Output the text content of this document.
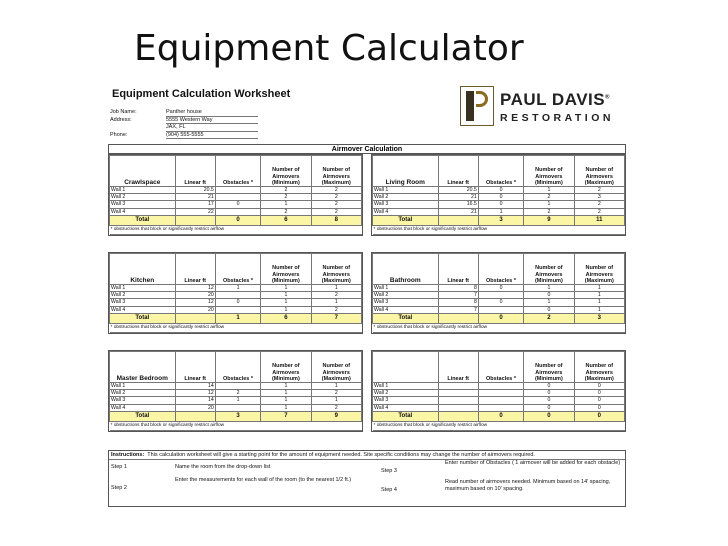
Equipment Calculator
Equipment Calculation Worksheet
Job Name:	Panther house
Address:	5555 Western Way
JAX, FL
Phone:	(904) 555-5555
PAUL DAVIS®
RESTORATION
Airmover Calculation
Crawlspace	Linear ft	Obstacles *	Number of Airmovers (Minimum)	Number of Airmovers (Maximum)
Wall 1	20.5		2	2
Wall 2	21		2	2
Wall 3	17	0	1	2
Wall 4	22		2	2
Total		0	6	8
* obstructions that block or significantly restrict airflow				
Living Room	Linear ft	Obstacles *	Number of Airmovers (Minimum)	Number of Airmovers (Maximum)
Wall 1	20.5	0	1	2
Wall 2	21	0	2	3
Wall 3	16.5	0	1	2
Wall 4	21	1	2	2
Total		3	9	11
* obstructions that block or significantly restrict airflow				
Kitchen	Linear ft	Obstacles *	Number of Airmovers (Minimum)	Number of Airmovers (Maximum)
Wall 1	12	1	1	1
Wall 2	20		1	2
Wall 3	12	0	1	1
Wall 4	20		1	2
Total		1	6	7
* obstructions that block or significantly restrict airflow				
Bathroom	Linear ft	Obstacles *	Number of Airmovers (Minimum)	Number of Airmovers (Maximum)
Wall 1	8	0	1	1
Wall 2	7		0	1
Wall 3	8	0	1	1
Wall 4	7		0	1
Total		0	2	3
* obstructions that block or significantly restrict airflow				
Master Bedroom	Linear ft	Obstacles *	Number of Airmovers (Minimum)	Number of Airmovers (Maximum)
Wall 1	14		1	1
Wall 2	12	2	1	2
Wall 3	14	1	1	1
Wall 4	20		1	2
Total		3	7	9
* obstructions that block or significantly restrict airflow				
	Linear ft	Obstacles *	Number of Airmovers (Minimum)	Number of Airmovers (Maximum)
Wall 1			0	0
Wall 2			0	0
Wall 3			0	0
Wall 4			0	0
Total		0	0	0
* obstructions that block or significantly restrict airflow				
Instructions: This calculation worksheet will give a starting point for the amount of equipment needed. Site specific conditions may change the number of airmovers required.
Step 1	Name the room from the drop-down list
Step 2
Enter the measurements for each wall of the room (to the nearest 1/2 ft.)
Step 3
Enter number of Obstacles ( 1 airmover will be added for each obstacle)
Step 4
Read number of airmovers needed. Minimum based on 14' spacing, maximum based on 10' spacing.
